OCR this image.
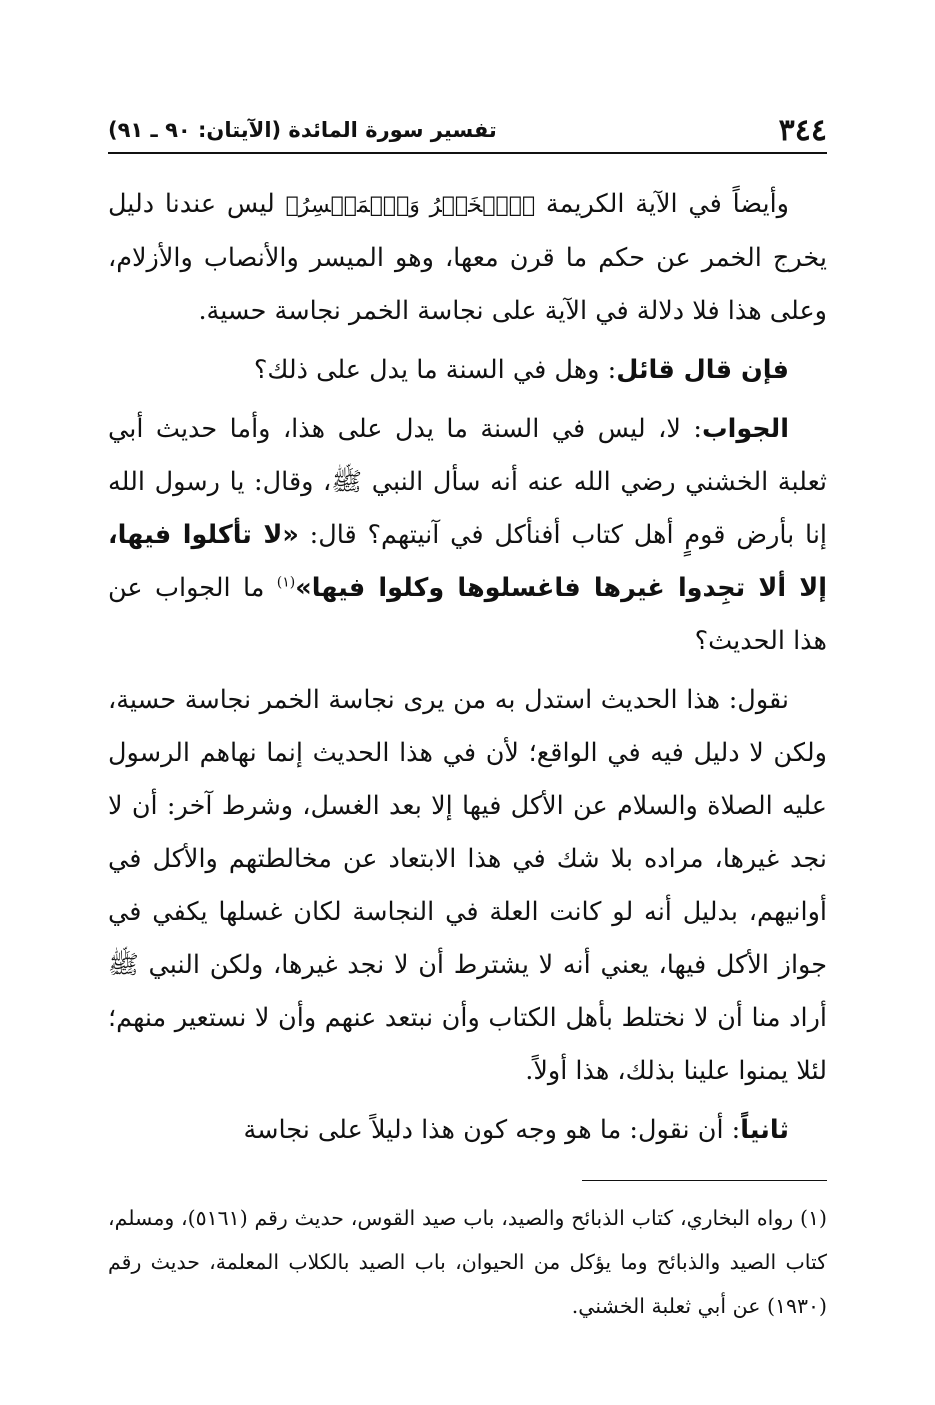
٣٤٤
تفسير سورة المائدة (الآيتان: ٩٠ ـ ٩١)

وأيضاً في الآية الكريمة ﴿ٱلۡخَمۡرُ وَٱلۡمَيۡسِرُ﴾ ليس عندنا دليل يخرج الخمر عن حكم ما قرن معها، وهو الميسر والأنصاب والأزلام، وعلى هذا فلا دلالة في الآية على نجاسة الخمر نجاسة حسية.

فإن قال قائل: وهل في السنة ما يدل على ذلك؟

الجواب: لا، ليس في السنة ما يدل على هذا، وأما حديث أبي ثعلبة الخشني رضي الله عنه أنه سأل النبي ﷺ، وقال: يا رسول الله إنا بأرض قومٍ أهل كتاب أفنأكل في آنيتهم؟ قال: «لا تأكلوا فيها، إلا ألا تجِدوا غيرها فاغسلوها وكلوا فيها»$^{(١)}$ ما الجواب عن هذا الحديث؟

نقول: هذا الحديث استدل به من يرى نجاسة الخمر نجاسة حسية، ولكن لا دليل فيه في الواقع؛ لأن في هذا الحديث إنما نهاهم الرسول عليه الصلاة والسلام عن الأكل فيها إلا بعد الغسل، وشرط آخر: أن لا نجد غيرها، مراده بلا شك في هذا الابتعاد عن مخالطتهم والأكل في أوانيهم، بدليل أنه لو كانت العلة في النجاسة لكان غسلها يكفي في جواز الأكل فيها، يعني أنه لا يشترط أن لا نجد غيرها، ولكن النبي ﷺ أراد منا أن لا نختلط بأهل الكتاب وأن نبتعد عنهم وأن لا نستعير منهم؛ لئلا يمنوا علينا بذلك، هذا أولاً.

ثانياً: أن نقول: ما هو وجه كون هذا دليلاً على نجاسة

(١) رواه البخاري، كتاب الذبائح والصيد، باب صيد القوس، حديث رقم (٥١٦١)، ومسلم، كتاب الصيد والذبائح وما يؤكل من الحيوان، باب الصيد بالكلاب المعلمة، حديث رقم (١٩٣٠) عن أبي ثعلبة الخشني.
